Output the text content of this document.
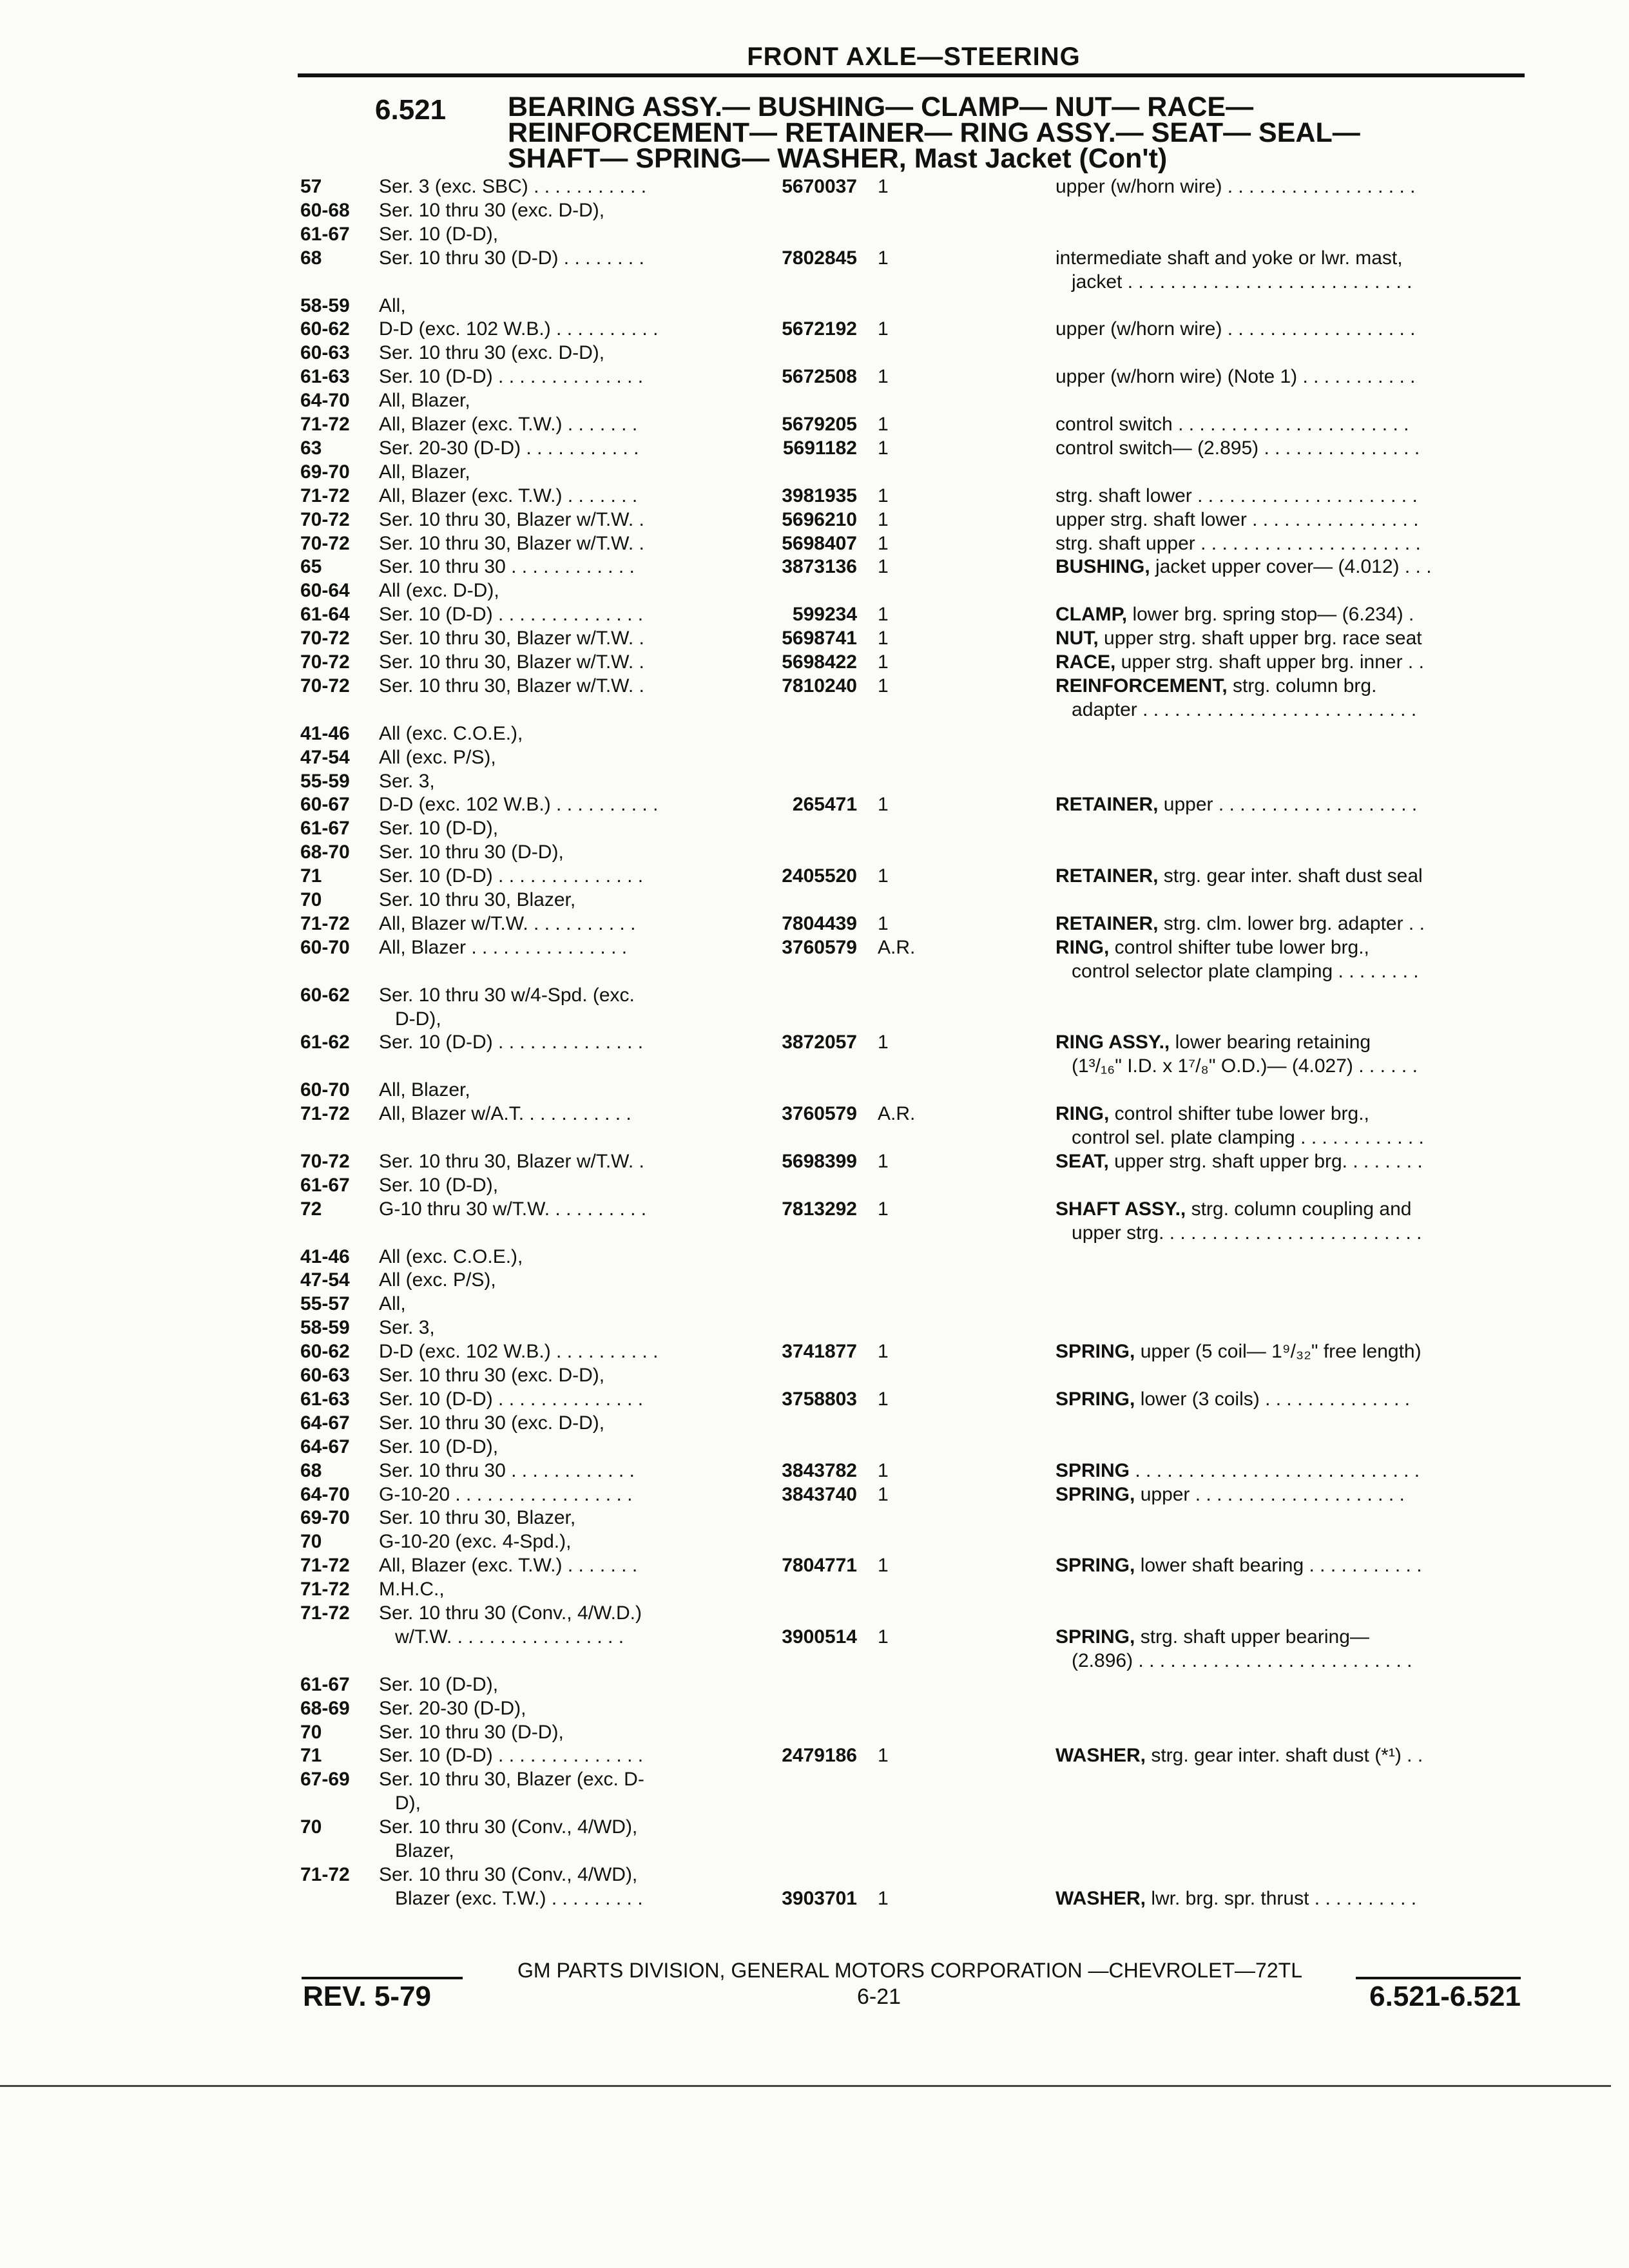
FRONT AXLE—STEERING
6.521 BEARING ASSY.— BUSHING— CLAMP— NUT— RACE—
REINFORCEMENT— RETAINER— RING ASSY.— SEAT— SEAL—
SHAFT— SPRING— WASHER, Mast Jacket (Con't)
57	Ser. 3 (exc. SBC) . . . . . . . . . . .	5670037 1	upper (w/horn wire) . . . . . . . . . . . . . . . . . .
60-68 Ser. 10 thru 30 (exc. D-D),
61-67 Ser. 10 (D-D),
68	Ser. 10 thru 30 (D-D) . . . . . . . .	7802845 1	intermediate shaft and yoke or lwr. mast,
jacket . . . . . . . . . . . . . . . . . . . . . . . . . . .
58-59 All,
60-62 D-D (exc. 102 W.B.) . . . . . . . . . .	5672192 1	upper (w/horn wire) . . . . . . . . . . . . . . . . . .
60-63 Ser. 10 thru 30 (exc. D-D),
61-63 Ser. 10 (D-D) . . . . . . . . . . . . . .	5672508 1	upper (w/horn wire) (Note 1) . . . . . . . . . . .
64-70 All, Blazer,
71-72 All, Blazer (exc. T.W.) . . . . . . .	5679205 1	control switch . . . . . . . . . . . . . . . . . . . . . .
63	Ser. 20-30 (D-D) . . . . . . . . . . .	5691182 1	control switch— (2.895) . . . . . . . . . . . . . . .
69-70 All, Blazer,
71-72 All, Blazer (exc. T.W.) . . . . . . .	3981935 1	strg. shaft lower . . . . . . . . . . . . . . . . . . . . .
70-72 Ser. 10 thru 30, Blazer w/T.W. .	5696210 1	upper strg. shaft lower . . . . . . . . . . . . . . . .
70-72 Ser. 10 thru 30, Blazer w/T.W. .	5698407 1	strg. shaft upper . . . . . . . . . . . . . . . . . . . . .
65	Ser. 10 thru 30 . . . . . . . . . . . .	3873136 1	BUSHING, jacket upper cover— (4.012) . . .
60-64 All (exc. D-D),
61-64 Ser. 10 (D-D) . . . . . . . . . . . . . .	599234 1	CLAMP, lower brg. spring stop— (6.234) .
70-72 Ser. 10 thru 30, Blazer w/T.W. .	5698741 1	NUT, upper strg. shaft upper brg. race seat
70-72 Ser. 10 thru 30, Blazer w/T.W. .	5698422 1	RACE, upper strg. shaft upper brg. inner . .
70-72 Ser. 10 thru 30, Blazer w/T.W. .	7810240 1	REINFORCEMENT, strg. column brg.
adapter . . . . . . . . . . . . . . . . . . . . . . . . . .
41-46 All (exc. C.O.E.),
47-54 All (exc. P/S),
55-59 Ser. 3,
60-67 D-D (exc. 102 W.B.) . . . . . . . . . .	265471 1	RETAINER, upper . . . . . . . . . . . . . . . . . . .
61-67 Ser. 10 (D-D),
68-70 Ser. 10 thru 30 (D-D),
71	Ser. 10 (D-D) . . . . . . . . . . . . . .	2405520 1	RETAINER, strg. gear inter. shaft dust seal
70	Ser. 10 thru 30, Blazer,
71-72 All, Blazer w/T.W. . . . . . . . . . .	7804439 1	RETAINER, strg. clm. lower brg. adapter . .
60-70 All, Blazer . . . . . . . . . . . . . . .	3760579 A.R.	RING, control shifter tube lower brg.,
control selector plate clamping . . . . . . . .
60-62 Ser. 10 thru 30 w/4-Spd. (exc.
D-D),
61-62 Ser. 10 (D-D) . . . . . . . . . . . . . .	3872057 1	RING ASSY., lower bearing retaining
(1³/₁₆" I.D. x 1⁷/₈" O.D.)— (4.027) . . . . . .
60-70 All, Blazer,
71-72 All, Blazer w/A.T. . . . . . . . . . .	3760579 A.R.	RING, control shifter tube lower brg.,
control sel. plate clamping . . . . . . . . . . . .
70-72 Ser. 10 thru 30, Blazer w/T.W. .	5698399 1	SEAT, upper strg. shaft upper brg. . . . . . . .
61-67 Ser. 10 (D-D),
72	G-10 thru 30 w/T.W. . . . . . . . . .	7813292 1	SHAFT ASSY., strg. column coupling and
upper strg. . . . . . . . . . . . . . . . . . . . . . . . .
41-46 All (exc. C.O.E.),
47-54 All (exc. P/S),
55-57 All,
58-59 Ser. 3,
60-62 D-D (exc. 102 W.B.) . . . . . . . . . .	3741877 1	SPRING, upper (5 coil— 1⁹/₃₂" free length)
60-63 Ser. 10 thru 30 (exc. D-D),
61-63 Ser. 10 (D-D) . . . . . . . . . . . . . .	3758803 1	SPRING, lower (3 coils) . . . . . . . . . . . . . .
64-67 Ser. 10 thru 30 (exc. D-D),
64-67 Ser. 10 (D-D),
68	Ser. 10 thru 30 . . . . . . . . . . . .	3843782 1	SPRING . . . . . . . . . . . . . . . . . . . . . . . . . . .
64-70 G-10-20 . . . . . . . . . . . . . . . . .	3843740 1	SPRING, upper . . . . . . . . . . . . . . . . . . . .
69-70 Ser. 10 thru 30, Blazer,
70	G-10-20 (exc. 4-Spd.),
71-72 All, Blazer (exc. T.W.) . . . . . . .	7804771 1	SPRING, lower shaft bearing . . . . . . . . . . .
71-72 M.H.C.,
71-72 Ser. 10 thru 30 (Conv., 4/W.D.)
w/T.W. . . . . . . . . . . . . . . . .	3900514 1	SPRING, strg. shaft upper bearing—
(2.896) . . . . . . . . . . . . . . . . . . . . . . . . . .
61-67 Ser. 10 (D-D),
68-69 Ser. 20-30 (D-D),
70	Ser. 10 thru 30 (D-D),
71	Ser. 10 (D-D) . . . . . . . . . . . . . .	2479186 1	WASHER, strg. gear inter. shaft dust (*¹) . .
67-69 Ser. 10 thru 30, Blazer (exc. D-
D),
70	Ser. 10 thru 30 (Conv., 4/WD),
Blazer,
71-72 Ser. 10 thru 30 (Conv., 4/WD),
Blazer (exc. T.W.) . . . . . . . . .	3903701 1	WASHER, lwr. brg. spr. thrust . . . . . . . . . .
GM PARTS DIVISION, GENERAL MOTORS CORPORATION —CHEVROLET—72TL
REV. 5-79	6-21	6.521-6.521
